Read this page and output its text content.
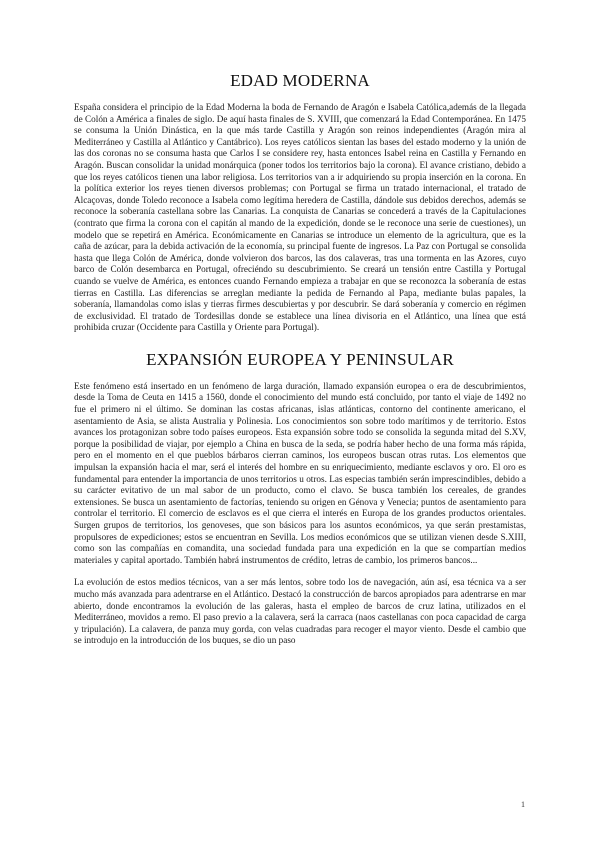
EDAD MODERNA

España considera el principio de la Edad Moderna la boda de Fernando de Aragón e Isabela Católica,además de la llegada de Colón a América a finales de siglo. De aquí hasta finales de S. XVIII, que comenzará la Edad Contemporánea. En 1475 se consuma la Unión Dinástica, en la que más tarde Castilla y Aragón son reinos independientes (Aragón mira al Mediterráneo y Castilla al Atlántico y Cantábrico). Los reyes católicos sientan las bases del estado moderno y la unión de las dos coronas no se consuma hasta que Carlos I se considere rey, hasta entonces Isabel reina en Castilla y Fernando en Aragón. Buscan consolidar la unidad monárquica (poner todos los territorios bajo la corona). El avance cristiano, debido a que los reyes católicos tienen una labor religiosa. Los territorios van a ir adquiriendo su propia inserción en la corona. En la política exterior los reyes tienen diversos problemas; con Portugal se firma un tratado internacional, el tratado de Alcaçovas, donde Toledo reconoce a Isabela como legítima heredera de Castilla, dándole sus debidos derechos, además se reconoce la soberanía castellana sobre las Canarias. La conquista de Canarias se concederá a través de la Capitulaciones (contrato que firma la corona con el capitán al mando de la expedición, donde se le reconoce una serie de cuestiones), un modelo que se repetirá en América. Económicamente en Canarias se introduce un elemento de la agricultura, que es la caña de azúcar, para la debida activación de la economía, su principal fuente de ingresos. La Paz con Portugal se consolida hasta que llega Colón de América, donde volvieron dos barcos, las dos calaveras, tras una tormenta en las Azores, cuyo barco de Colón desembarca en Portugal, ofreciéndo su descubrimiento. Se creará un tensión entre Castilla y Portugal cuando se vuelve de América, es entonces cuando Fernando empieza a trabajar en que se reconozca la soberanía de estas tierras en Castilla. Las diferencias se arreglan mediante la pedida de Fernando al Papa, mediante bulas papales, la soberanía, llamandolas como islas y tierras firmes descubiertas y por descubrir. Se dará soberanía y comercio en régimen de exclusividad. El tratado de Tordesillas donde se establece una línea divisoria en el Atlántico, una línea que está prohibida cruzar (Occidente para Castilla y Oriente para Portugal).

EXPANSIÓN EUROPEA Y PENINSULAR

Este fenómeno está insertado en un fenómeno de larga duración, llamado expansión europea o era de descubrimientos, desde la Toma de Ceuta en 1415 a 1560, donde el conocimiento del mundo está concluido, por tanto el viaje de 1492 no fue el primero ni el último. Se dominan las costas africanas, islas atlánticas, contorno del continente americano, el asentamiento de Asia, se alista Australia y Polinesia. Los conocimientos son sobre todo marítimos y de territorio. Estos avances los protagonizan sobre todo países europeos. Esta expansión sobre todo se consolida la segunda mitad del S.XV, porque la posibilidad de viajar, por ejemplo a China en busca de la seda, se podría haber hecho de una forma más rápida, pero en el momento en el que pueblos bárbaros cierran caminos, los europeos buscan otras rutas. Los elementos que impulsan la expansión hacia el mar, será el interés del hombre en su enriquecimiento, mediante esclavos y oro. El oro es fundamental para entender la importancia de unos territorios u otros. Las especias también serán imprescindibles, debido a su carácter evitativo de un mal sabor de un producto, como el clavo. Se busca también los cereales, de grandes extensiones. Se busca un asentamiento de factorías, teniendo su origen en Génova y Venecia; puntos de asentamiento para controlar el territorio. El comercio de esclavos es el que cierra el interés en Europa de los grandes productos orientales. Surgen grupos de territorios, los genoveses, que son básicos para los asuntos económicos, ya que serán prestamistas, propulsores de expediciones; estos se encuentran en Sevilla. Los medios económicos que se utilizan vienen desde S.XIII, como son las compañías en comandita, una sociedad fundada para una expedición en la que se compartían medios materiales y capital aportado. También habrá instrumentos de crédito, letras de cambio, los primeros bancos...

La evolución de estos medios técnicos, van a ser más lentos, sobre todo los de navegación, aún así, esa técnica va a ser mucho más avanzada para adentrarse en el Atlántico. Destacó la construcción de barcos apropiados para adentrarse en mar abierto, donde encontramos la evolución de las galeras, hasta el empleo de barcos de cruz latina, utilizados en el Mediterráneo, movidos a remo. El paso previo a la calavera, será la carraca (naos castellanas con poca capacidad de carga y tripulación). La calavera, de panza muy gorda, con velas cuadradas para recoger el mayor viento. Desde el cambio que se introdujo en la introducción de los buques, se dio un paso

1
